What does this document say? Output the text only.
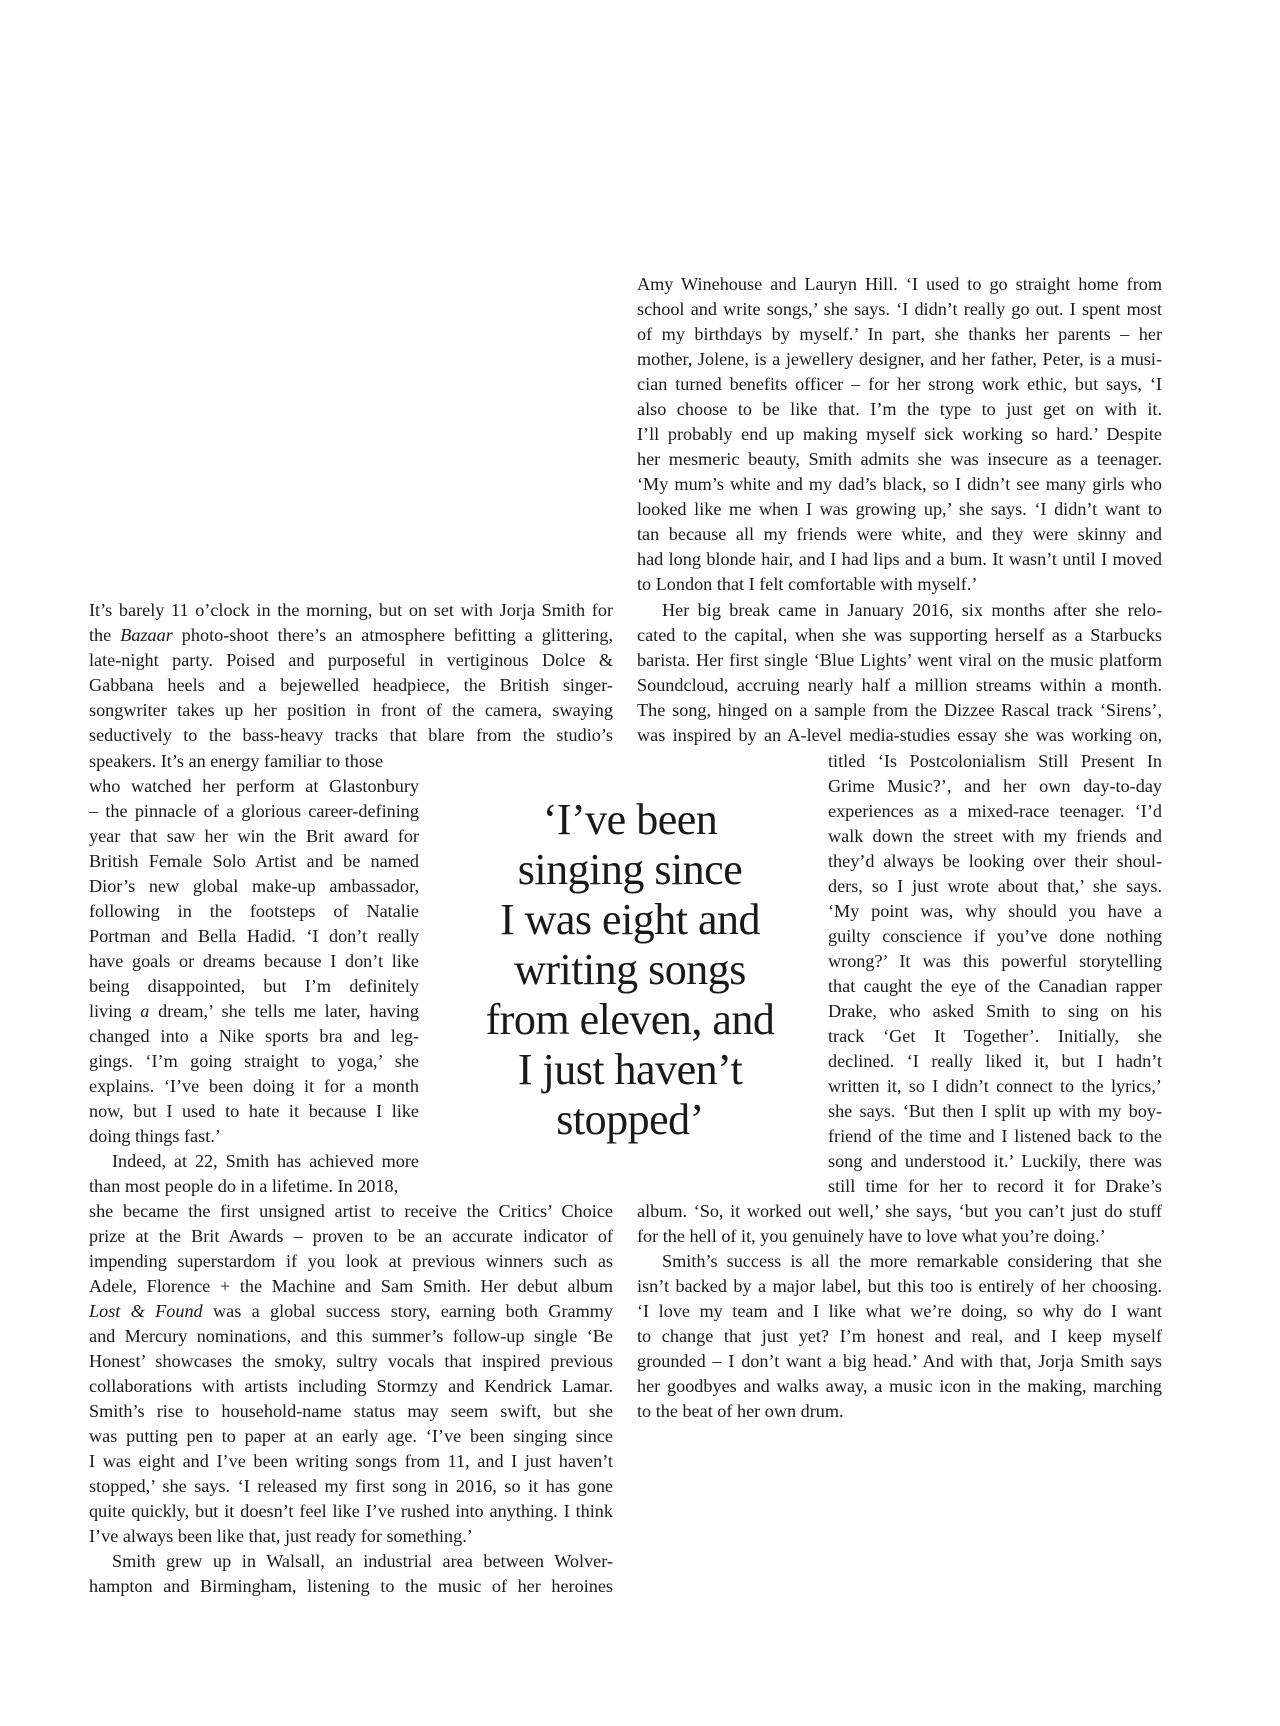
It’s barely 11 o’clock in the morning, but on set with Jorja Smith for

the Bazaar photo-shoot there’s an atmosphere befitting a glittering,

late-night party. Poised and purposeful in vertiginous Dolce &

Gabbana heels and a bejewelled headpiece, the British singer-

songwriter takes up her position in front of the camera, swaying

seductively to the bass-heavy tracks that blare from the studio’s

speakers. It’s an energy familiar to those

who watched her perform at Glastonbury

– the pinnacle of a glorious career-defining

year that saw her win the Brit award for

British Female Solo Artist and be named

Dior’s new global make-up ambassador,

following in the footsteps of Natalie

Portman and Bella Hadid. ‘I don’t really

have goals or dreams because I don’t like

being disappointed, but I’m definitely

living a dream,’ she tells me later, having

changed into a Nike sports bra and leg-

gings. ‘I’m going straight to yoga,’ she

explains. ‘I’ve been doing it for a month

now, but I used to hate it because I like

doing things fast.’

Indeed, at 22, Smith has achieved more

than most people do in a lifetime. In 2018,

she became the first unsigned artist to receive the Critics’ Choice

prize at the Brit Awards – proven to be an accurate indicator of

impending superstardom if you look at previous winners such as

Adele, Florence + the Machine and Sam Smith. Her debut album

Lost & Found was a global success story, earning both Grammy

and Mercury nominations, and this summer’s follow-up single ‘Be

Honest’ showcases the smoky, sultry vocals that inspired previous

collaborations with artists including Stormzy and Kendrick Lamar.

Smith’s rise to household-name status may seem swift, but she

was putting pen to paper at an early age. ‘I’ve been singing since

I was eight and I’ve been writing songs from 11, and I just haven’t

stopped,’ she says. ‘I released my first song in 2016, so it has gone

quite quickly, but it doesn’t feel like I’ve rushed into anything. I think

I’ve always been like that, just ready for something.’

Smith grew up in Walsall, an industrial area between Wolver-

hampton and Birmingham, listening to the music of her heroines

‘I’ve been
singing since
I was eight and
writing songs
from eleven, and
I just haven’t
stopped’

Amy Winehouse and Lauryn Hill. ‘I used to go straight home from

school and write songs,’ she says. ‘I didn’t really go out. I spent most

of my birthdays by myself.’ In part, she thanks her parents – her

mother, Jolene, is a jewellery designer, and her father, Peter, is a musi-

cian turned benefits officer – for her strong work ethic, but says, ‘I

also choose to be like that. I’m the type to just get on with it.

I’ll probably end up making myself sick working so hard.’ Despite

her mesmeric beauty, Smith admits she was insecure as a teenager.

‘My mum’s white and my dad’s black, so I didn’t see many girls who

looked like me when I was growing up,’ she says. ‘I didn’t want to

tan because all my friends were white, and they were skinny and

had long blonde hair, and I had lips and a bum. It wasn’t until I moved

to London that I felt comfortable with myself.’

Her big break came in January 2016, six months after she relo-

cated to the capital, when she was supporting herself as a Starbucks

barista. Her first single ‘Blue Lights’ went viral on the music platform

Soundcloud, accruing nearly half a million streams within a month.

The song, hinged on a sample from the Dizzee Rascal track ‘Sirens’,

was inspired by an A-level media-studies essay she was working on,

titled ‘Is Postcolonialism Still Present In

Grime Music?’, and her own day-to-day

experiences as a mixed-race teenager. ‘I’d

walk down the street with my friends and

they’d always be looking over their shoul-

ders, so I just wrote about that,’ she says.

‘My point was, why should you have a

guilty conscience if you’ve done nothing

wrong?’ It was this powerful storytelling

that caught the eye of the Canadian rapper

Drake, who asked Smith to sing on his

track ‘Get It Together’. Initially, she

declined. ‘I really liked it, but I hadn’t

written it, so I didn’t connect to the lyrics,’

she says. ‘But then I split up with my boy-

friend of the time and I listened back to the

song and understood it.’ Luckily, there was

still time for her to record it for Drake’s

album. ‘So, it worked out well,’ she says, ‘but you can’t just do stuff

for the hell of it, you genuinely have to love what you’re doing.’

Smith’s success is all the more remarkable considering that she

isn’t backed by a major label, but this too is entirely of her choosing.

‘I love my team and I like what we’re doing, so why do I want

to change that just yet? I’m honest and real, and I keep myself

grounded – I don’t want a big head.’ And with that, Jorja Smith says

her goodbyes and walks away, a music icon in the making, marching

to the beat of her own drum.
